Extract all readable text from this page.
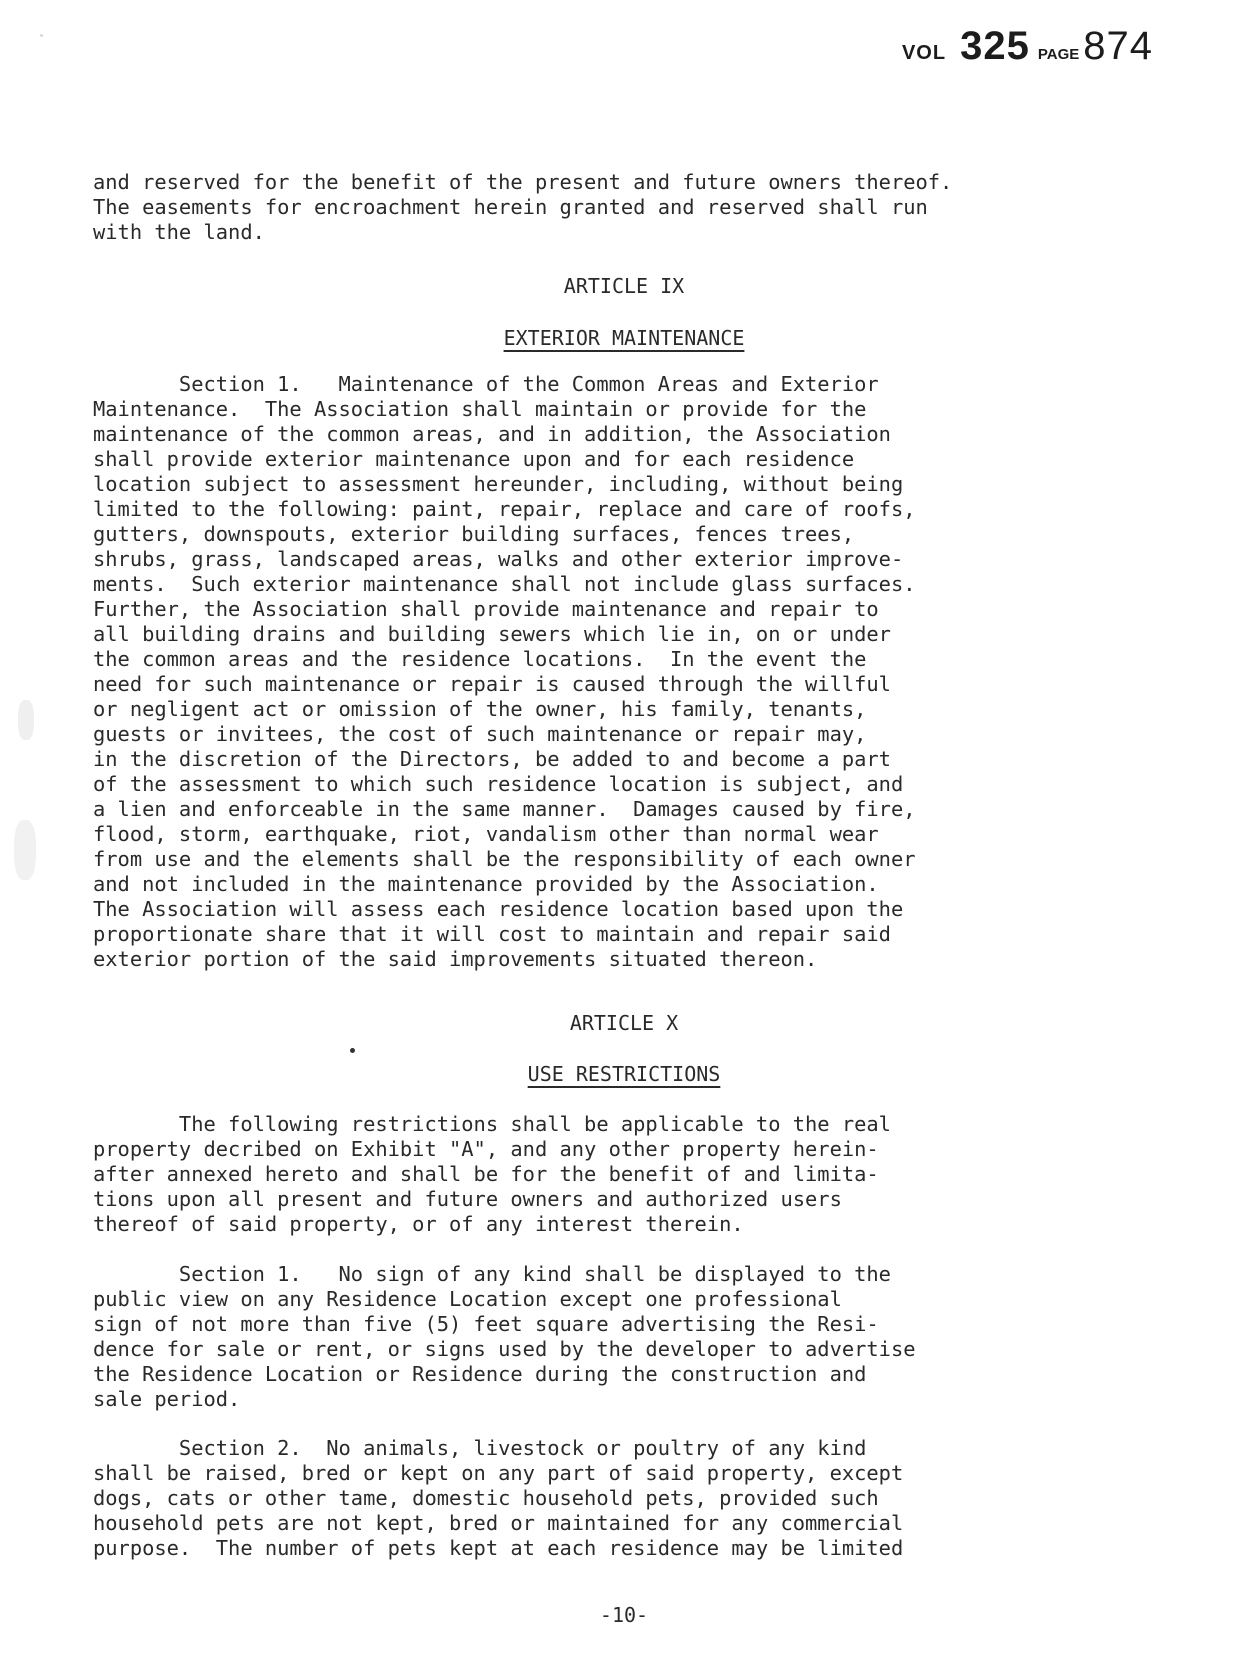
VOL 325 PAGE 874

and reserved for the benefit of the present and future owners thereof.
The easements for encroachment herein granted and reserved shall run
with the land.

ARTICLE IX

EXTERIOR MAINTENANCE

Section 1.   Maintenance of the Common Areas and Exterior
Maintenance.  The Association shall maintain or provide for the
maintenance of the common areas, and in addition, the Association
shall provide exterior maintenance upon and for each residence
location subject to assessment hereunder, including, without being
limited to the following: paint, repair, replace and care of roofs,
gutters, downspouts, exterior building surfaces, fences trees,
shrubs, grass, landscaped areas, walks and other exterior improve-
ments.  Such exterior maintenance shall not include glass surfaces.
Further, the Association shall provide maintenance and repair to
all building drains and building sewers which lie in, on or under
the common areas and the residence locations.  In the event the
need for such maintenance or repair is caused through the willful
or negligent act or omission of the owner, his family, tenants,
guests or invitees, the cost of such maintenance or repair may,
in the discretion of the Directors, be added to and become a part
of the assessment to which such residence location is subject, and
a lien and enforceable in the same manner.  Damages caused by fire,
flood, storm, earthquake, riot, vandalism other than normal wear
from use and the elements shall be the responsibility of each owner
and not included in the maintenance provided by the Association.
The Association will assess each residence location based upon the
proportionate share that it will cost to maintain and repair said
exterior portion of the said improvements situated thereon.

ARTICLE X

USE RESTRICTIONS

The following restrictions shall be applicable to the real
property decribed on Exhibit "A", and any other property herein-
after annexed hereto and shall be for the benefit of and limita-
tions upon all present and future owners and authorized users
thereof of said property, or of any interest therein.

Section 1.   No sign of any kind shall be displayed to the
public view on any Residence Location except one professional
sign of not more than five (5) feet square advertising the Resi-
dence for sale or rent, or signs used by the developer to advertise
the Residence Location or Residence during the construction and
sale period.

Section 2.  No animals, livestock or poultry of any kind
shall be raised, bred or kept on any part of said property, except
dogs, cats or other tame, domestic household pets, provided such
household pets are not kept, bred or maintained for any commercial
purpose.  The number of pets kept at each residence may be limited

-10-
